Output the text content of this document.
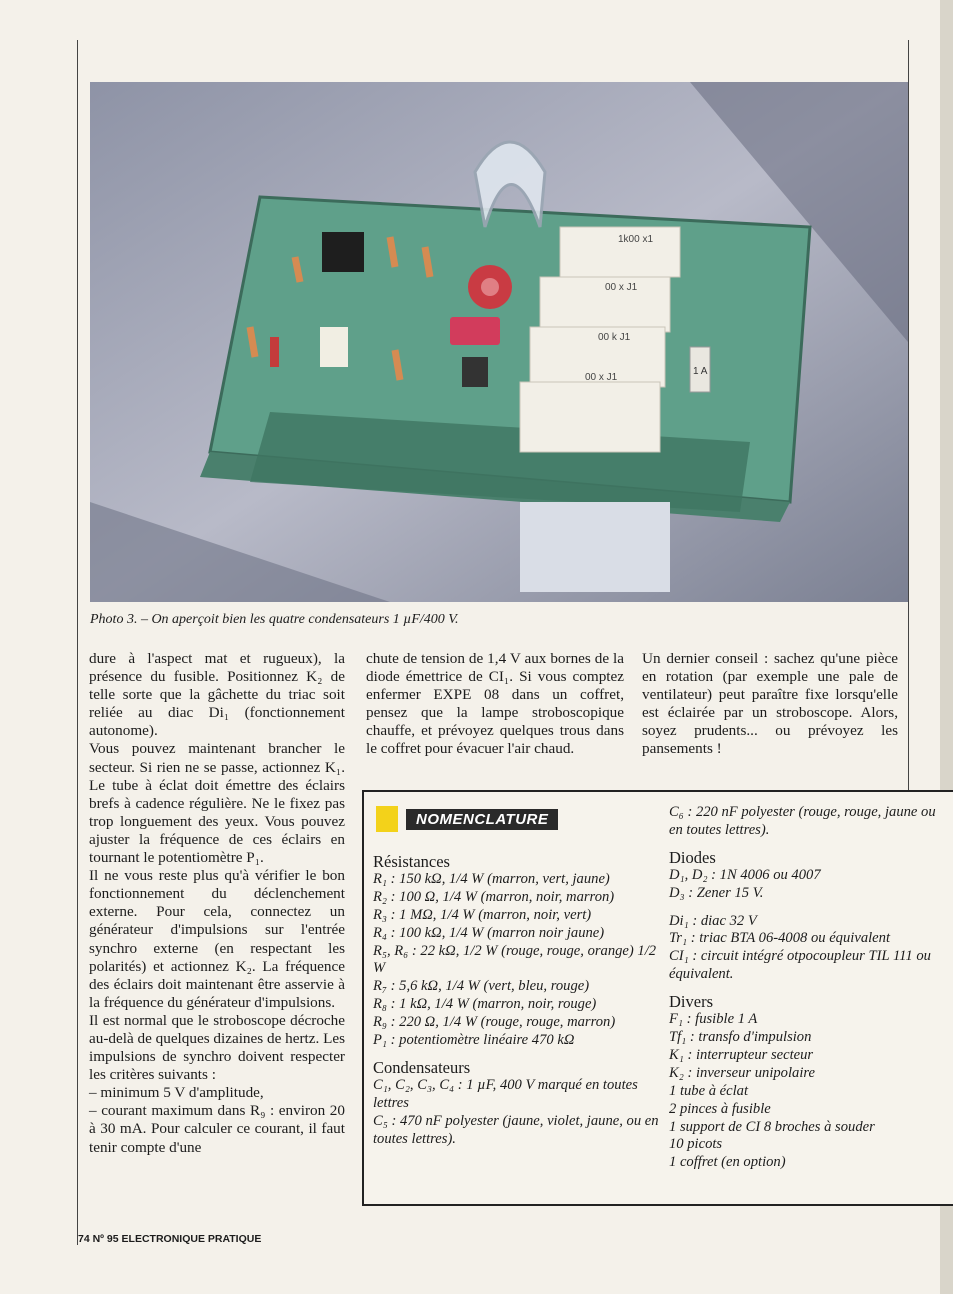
1k00 x1
00 x J1
00 k J1
00 x J1
1 A
Photo 3. – On aperçoit bien les quatre condensateurs 1 µF/400 V.

dure à l'aspect mat et rugueux), la présence du fusible. Positionnez K₂ de telle sorte que la gâchette du triac soit reliée au diac Di₁ (fonctionnement autonome).

Vous pouvez maintenant brancher le secteur. Si rien ne se passe, actionnez K₁. Le tube à éclat doit émettre des éclairs brefs à cadence régulière. Ne le fixez pas trop longuement des yeux. Vous pouvez ajuster la fréquence de ces éclairs en tournant le potentiomètre P₁.

Il ne vous reste plus qu'à vérifier le bon fonctionnement du déclenchement externe. Pour cela, connectez un générateur d'impulsions sur l'entrée synchro externe (en respectant les polarités) et actionnez K₂. La fréquence des éclairs doit maintenant être asservie à la fréquence du générateur d'impulsions.

Il est normal que le stroboscope décroche au-delà de quelques dizaines de hertz. Les impulsions de synchro doivent respecter les critères suivants :

– minimum 5 V d'amplitude,

– courant maximum dans R₉ : environ 20 à 30 mA. Pour calculer ce courant, il faut tenir compte d'une

chute de tension de 1,4 V aux bornes de la diode émettrice de CI₁. Si vous comptez enfermer EXPE 08 dans un coffret, pensez que la lampe stroboscopique chauffe, et prévoyez quelques trous dans le coffret pour évacuer l'air chaud.

Un dernier conseil : sachez qu'une pièce en rotation (par exemple une pale de ventilateur) peut paraître fixe lorsqu'elle est éclairée par un stroboscope. Alors, soyez prudents... ou prévoyez les pansements !

NOMENCLATURE

Résistances

R₁ : 150 kΩ, 1/4 W (marron, vert, jaune)

R₂ : 100 Ω, 1/4 W (marron, noir, marron)

R₃ : 1 MΩ, 1/4 W (marron, noir, vert)

R₄ : 100 kΩ, 1/4 W (marron noir jaune)

R₅, R₆ : 22 kΩ, 1/2 W (rouge, rouge, orange) 1/2 W

R₇ : 5,6 kΩ, 1/4 W (vert, bleu, rouge)

R₈ : 1 kΩ, 1/4 W (marron, noir, rouge)

R₉ : 220 Ω, 1/4 W (rouge, rouge, marron)

P₁ : potentiomètre linéaire 470 kΩ

Condensateurs

C₁, C₂, C₃, C₄ : 1 µF, 400 V marqué en toutes lettres

C₅ : 470 nF polyester (jaune, violet, jaune, ou en toutes lettres).

C₆ : 220 nF polyester (rouge, rouge, jaune ou en toutes lettres).

Diodes

D₁, D₂ : 1N 4006 ou 4007

D₃ : Zener 15 V.

Di₁ : diac 32 V

Tr₁ : triac BTA 06-4008 ou équivalent

CI₁ : circuit intégré otpocoupleur TIL 111 ou équivalent.

Divers

F₁ : fusible 1 A

Tf₁ : transfo d'impulsion

K₁ : interrupteur secteur

K₂ : inverseur unipolaire

1 tube à éclat

2 pinces à fusible

1 support de CI 8 broches à souder

10 picots

1 coffret (en option)

74 Nº 95 ELECTRONIQUE PRATIQUE
